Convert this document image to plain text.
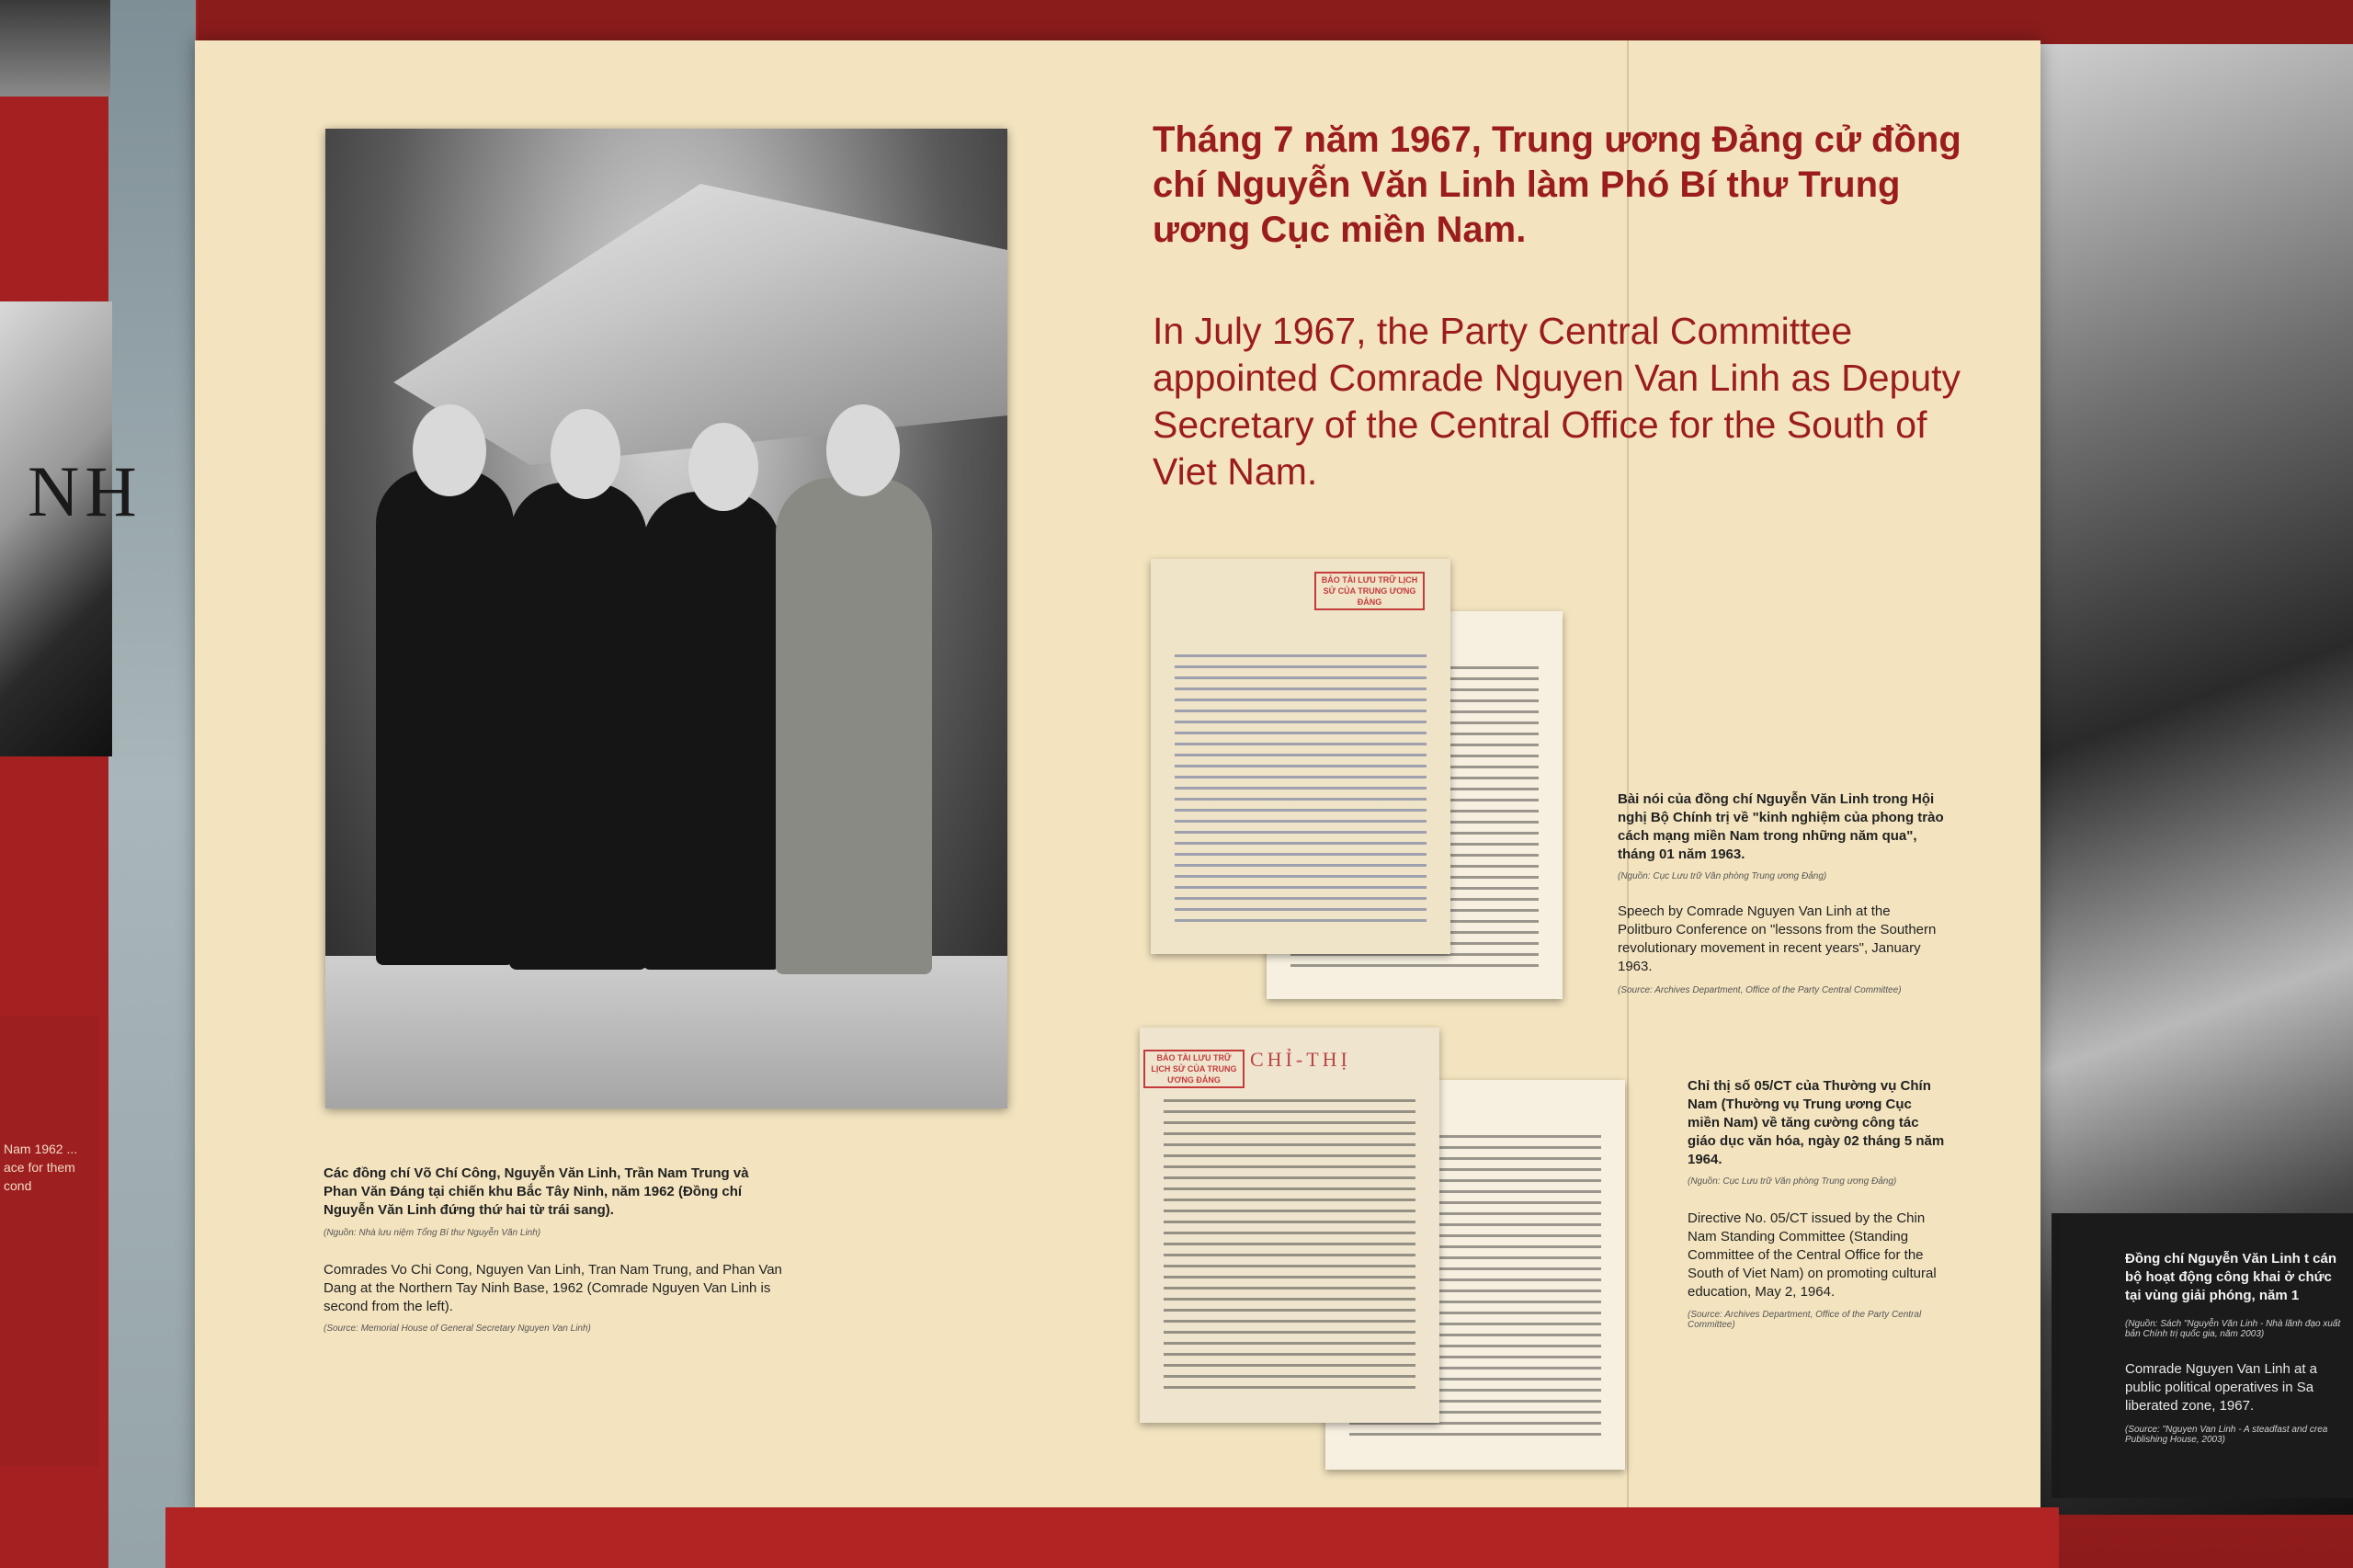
NH
Nam 1962 ... ace for them cond
Đồng chí Nguyễn Văn Linh t cán bộ hoạt động công khai ở chức tại vùng giải phóng, năm 1
(Nguồn: Sách "Nguyễn Văn Linh - Nhà lãnh đạo xuất bản Chính trị quốc gia, năm 2003)
Comrade Nguyen Van Linh at a public political operatives in Sa liberated zone, 1967.
(Source: "Nguyen Van Linh - A steadfast and crea Publishing House, 2003)
Tháng 7 năm 1967, Trung ương Đảng cử đồng chí Nguyễn Văn Linh làm Phó Bí thư Trung ương Cục miền Nam.
In July 1967, the Party Central Committee appointed Comrade Nguyen Van Linh as Deputy Secretary of the Central Office for the South of Viet Nam.
Các đồng chí Võ Chí Công, Nguyễn Văn Linh, Trần Nam Trung và Phan Văn Đáng tại chiến khu Bắc Tây Ninh, năm 1962 (Đồng chí Nguyễn Văn Linh đứng thứ hai từ trái sang).
(Nguồn: Nhà lưu niệm Tổng Bí thư Nguyễn Văn Linh)
Comrades Vo Chi Cong, Nguyen Van Linh, Tran Nam Trung, and Phan Van Dang at the Northern Tay Ninh Base, 1962 (Comrade Nguyen Van Linh is second from the left).
(Source: Memorial House of General Secretary Nguyen Van Linh)
BẢO TÀI LƯU TRỮ LỊCH SỬ CỦA TRUNG ƯƠNG ĐẢNG
Bài nói của đồng chí Nguyễn Văn Linh trong Hội nghị Bộ Chính trị về "kinh nghiệm của phong trào cách mạng miền Nam trong những năm qua", tháng 01 năm 1963.
(Nguồn: Cục Lưu trữ Văn phòng Trung ương Đảng)
Speech by Comrade Nguyen Van Linh at the Politburo Conference on "lessons from the Southern revolutionary movement in recent years", January 1963.
(Source: Archives Department, Office of the Party Central Committee)
BẢO TÀI LƯU TRỮ LỊCH SỬ CỦA TRUNG ƯƠNG ĐẢNG
CHỈ-THỊ
Chỉ thị số 05/CT của Thường vụ Chín Nam (Thường vụ Trung ương Cục miền Nam) về tăng cường công tác giáo dục văn hóa, ngày 02 tháng 5 năm 1964.
(Nguồn: Cục Lưu trữ Văn phòng Trung ương Đảng)
Directive No. 05/CT issued by the Chin Nam Standing Committee (Standing Committee of the Central Office for the South of Viet Nam) on promoting cultural education, May 2, 1964.
(Source: Archives Department, Office of the Party Central Committee)
